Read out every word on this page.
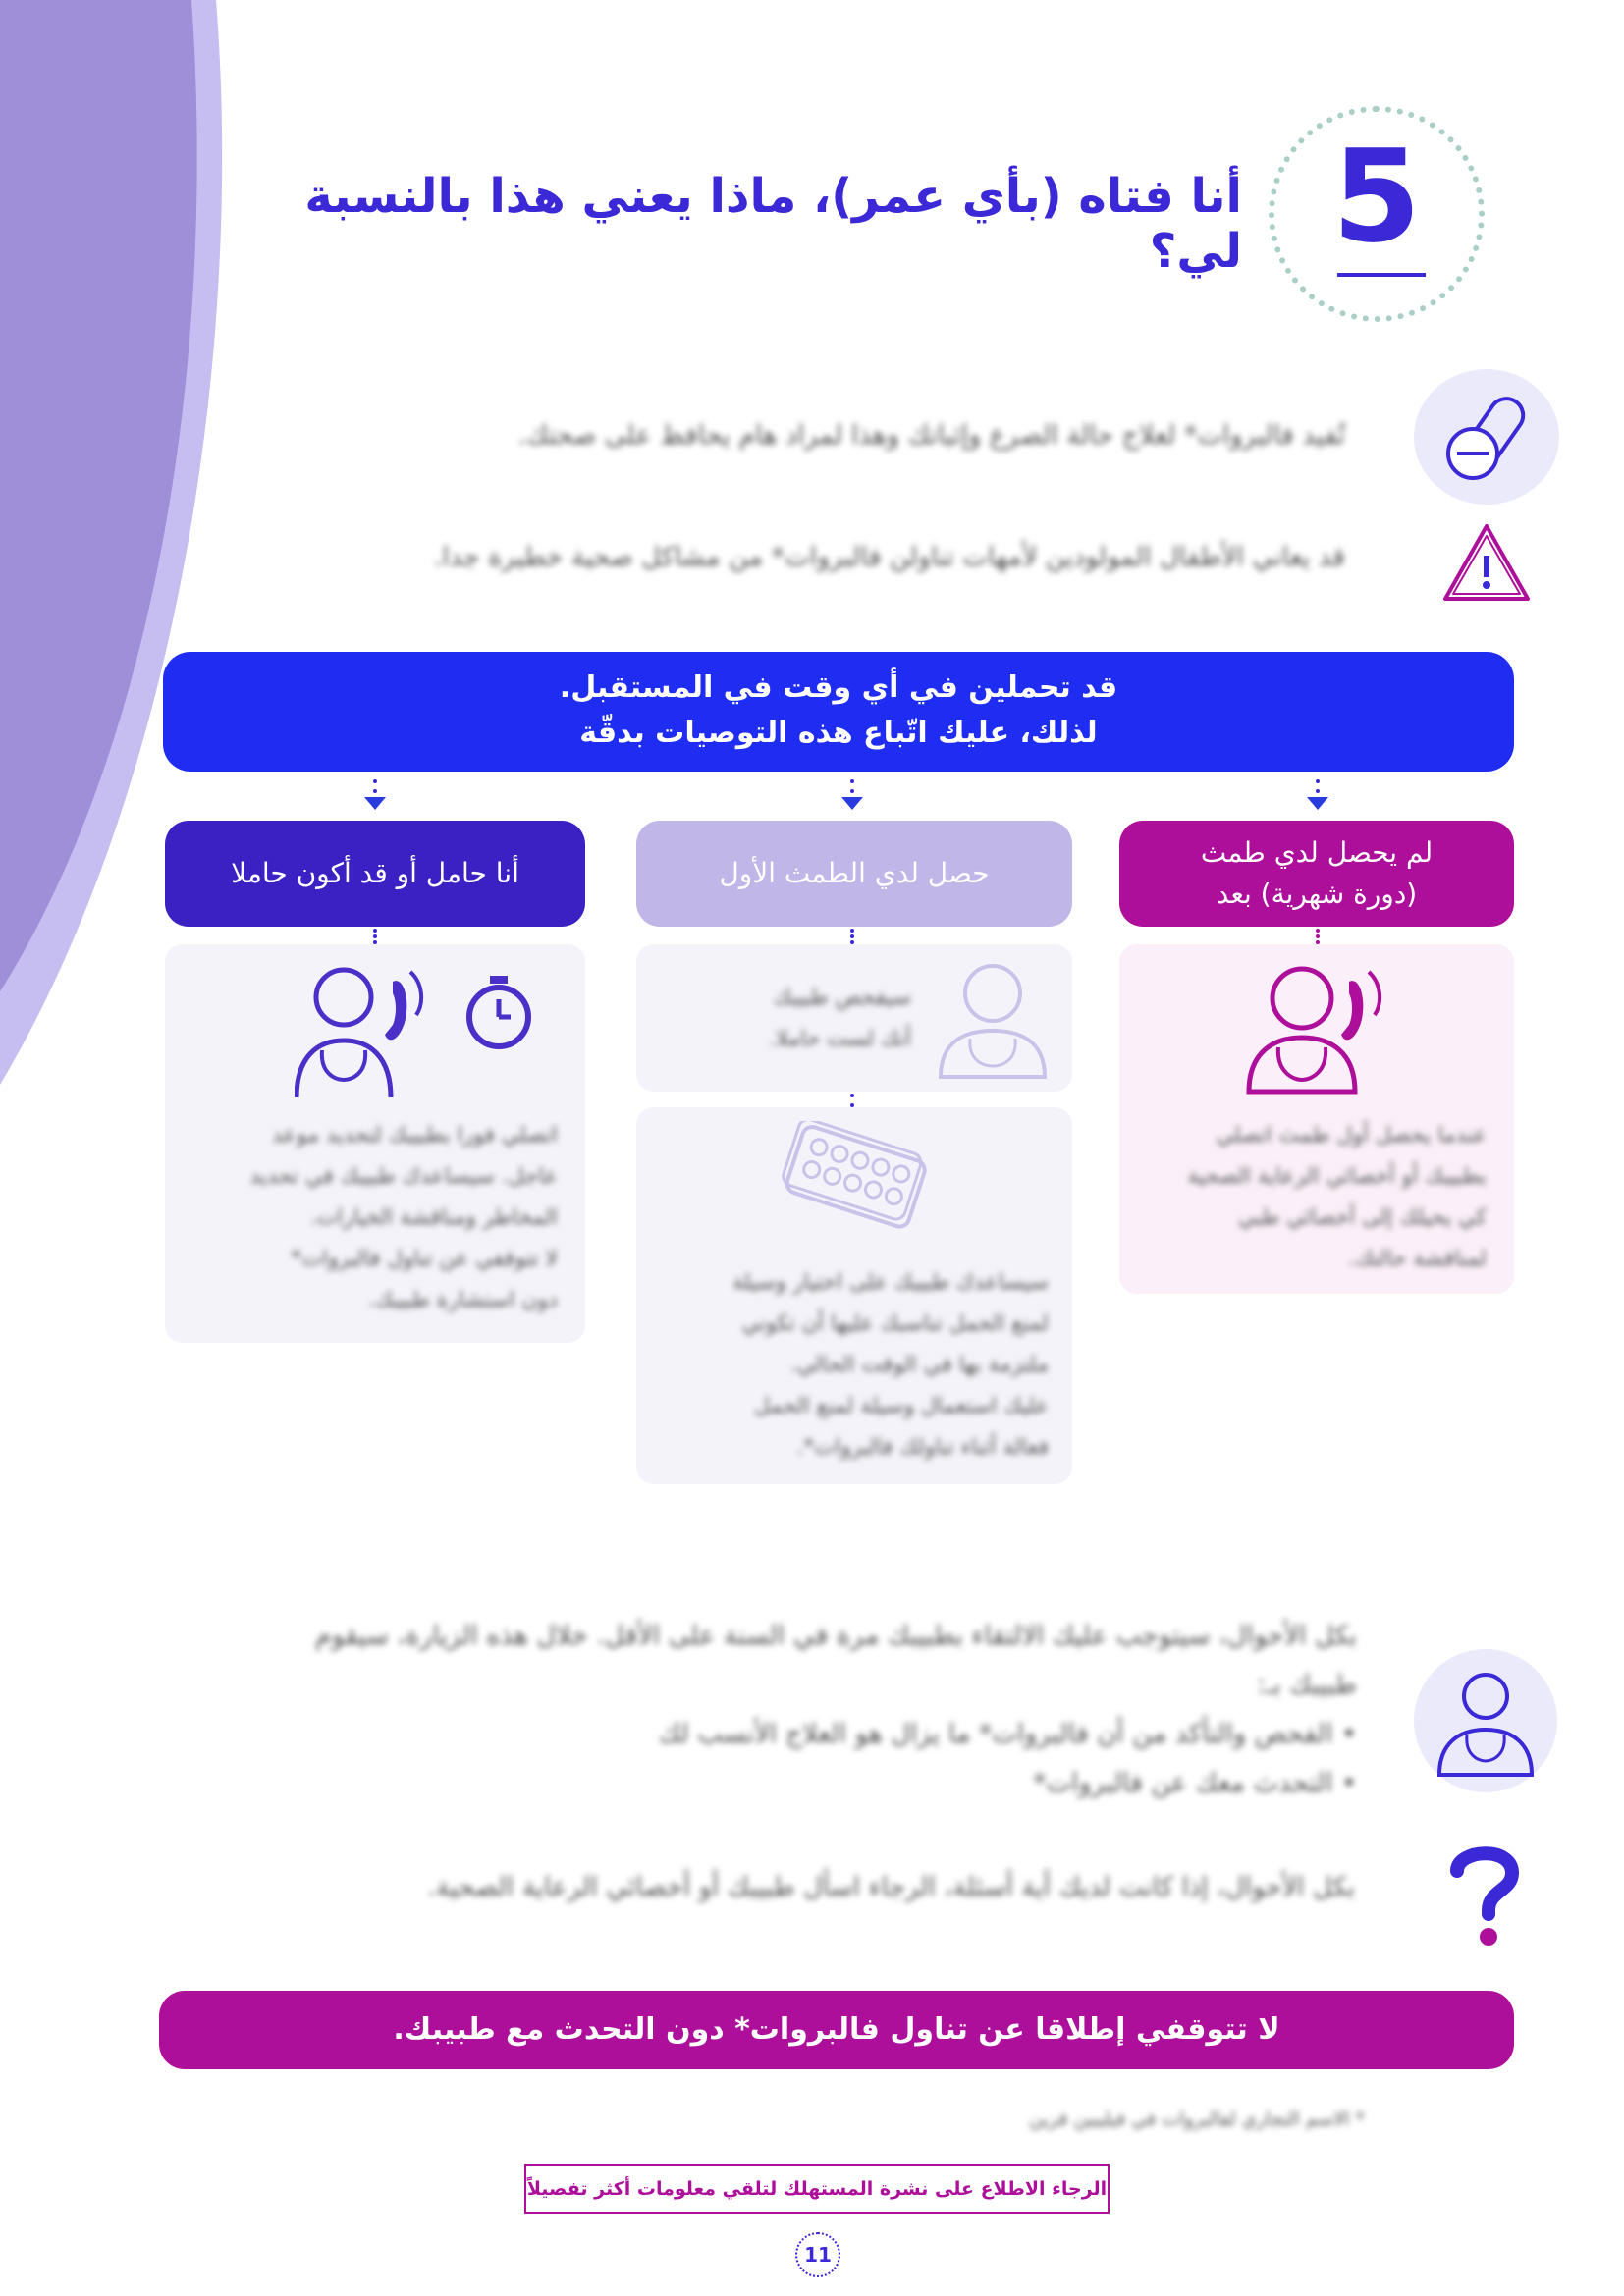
5
أنا فتاه (بأي عمر)، ماذا يعني هذا بالنسبة لي؟
تُفيد فالبروات* لعلاج حالة الصرع وإثباتك وهذا لمراد هام يحافظ على صحتك.
قد يعاني الأطفال المولودين لأمهات تناولن فالبروات* من مشاكل صحية خطيرة جدا.
قد تحملين في أي وقت في المستقبل.
لذلك، عليك اتّباع هذه التوصيات بدقّة
لم يحصل لدي طمث
(دورة شهرية) بعد
عندما يحصل أول طمث اتصلي
بطبيبك أو أخصائي الرعاية الصحية
كي يحيلك إلى أخصائي طبي
لمناقشة حالتك.
حصل لدي الطمث الأول
سيفحص طبيبك
أنك لست حاملا.
سيساعدك طبيبك على اختيار وسيلة
لمنع الحمل تناسبك عليها أن تكوني
ملتزمة بها في الوقت الحالي.
عليك استعمال وسيلة لمنع الحمل
فعالة أثناء تناولك فالبروات*.
أنا حامل أو قد أكون حاملا
اتصلي فورا بطبيبك لتحديد موعد
عاجل. سيساعدك طبيبك في تحديد
المخاطر ومناقشة الخيارات.
لا تتوقفي عن تناول فالبروات*
دون استشارة طبيبك.
بكل الأحوال، سيتوجب عليك الالتقاء بطبيبك مرة في السنة على الأقل. خلال هذه الزيارة، سيقوم
طبيبك بـ:
• الفحص والتأكد من أن فالبروات* ما يزال هو العلاج الأنسب لك
• التحدث معك عن فالبروات*
بكل الأحوال، إذا كانت لديك أية أسئلة، الرجاء اسأل طبيبك أو أخصائي الرعاية الصحية.
لا تتوقفي إطلاقا عن تناول فالبروات* دون التحدث مع طبيبك.
* الاسم التجاري لفالبروات في فيليبين قرين
الرجاء الاطلاع على نشرة المستهلك لتلقي معلومات أكثر تفصيلاً
11
